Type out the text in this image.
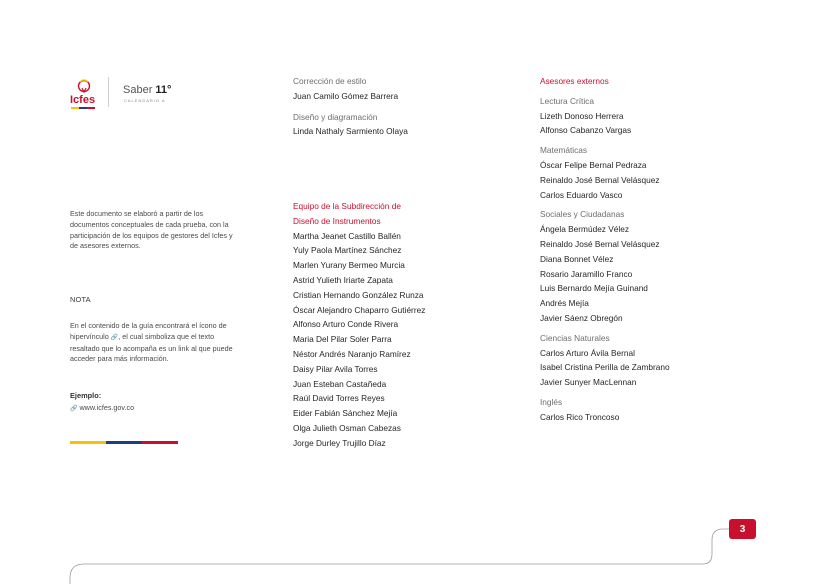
Icfes
Saber 11°
CALENDARIO A
Este documento se elaboró a partir de los documentos conceptuales de cada prueba, con la participación de los equipos de gestores del Icfes y de asesores externos.
NOTA
En el contenido de la guía encontrará el ícono de hipervínculo 🔗, el cual simboliza que el texto resaltado que lo acompaña es un link al que puede acceder para más información.
Ejemplo:
🔗 www.icfes.gov.co
Corrección de estilo
Juan Camilo Gómez Barrera
Diseño y diagramación
Linda Nathaly Sarmiento Olaya
Equipo de la Subdirección de
Diseño de Instrumentos
Martha Jeanet Castillo Ballén
Yuly Paola Martínez Sánchez
Marlen Yurany Bermeo Murcia
Astrid Yulieth Iriarte Zapata
Cristian Hernando González Runza
Óscar Alejandro Chaparro Gutiérrez
Alfonso Arturo Conde Rivera
Maria Del Pilar Soler Parra
Néstor Andrés Naranjo Ramírez
Daisy Pilar Avila Torres
Juan Esteban Castañeda
Raúl David Torres Reyes
Eider Fabián Sánchez Mejía
Olga Julieth Osman Cabezas
Jorge Durley Trujillo Díaz
Asesores externos
Lectura Crítica
Lizeth Donoso Herrera
Alfonso Cabanzo Vargas
Matemáticas
Óscar Felipe Bernal Pedraza
Reinaldo José Bernal Velásquez
Carlos Eduardo Vasco
Sociales y Ciudadanas
Ángela Bermúdez Vélez
Reinaldo José Bernal Velásquez
Diana Bonnet Vélez
Rosario Jaramillo Franco
Luis Bernardo Mejía Guinand
Andrés Mejía
Javier Sáenz Obregón
Ciencias Naturales
Carlos Arturo Ávila Bernal
Isabel Cristina Perilla de Zambrano
Javier Sunyer MacLennan
Inglés
Carlos Rico Troncoso
3
